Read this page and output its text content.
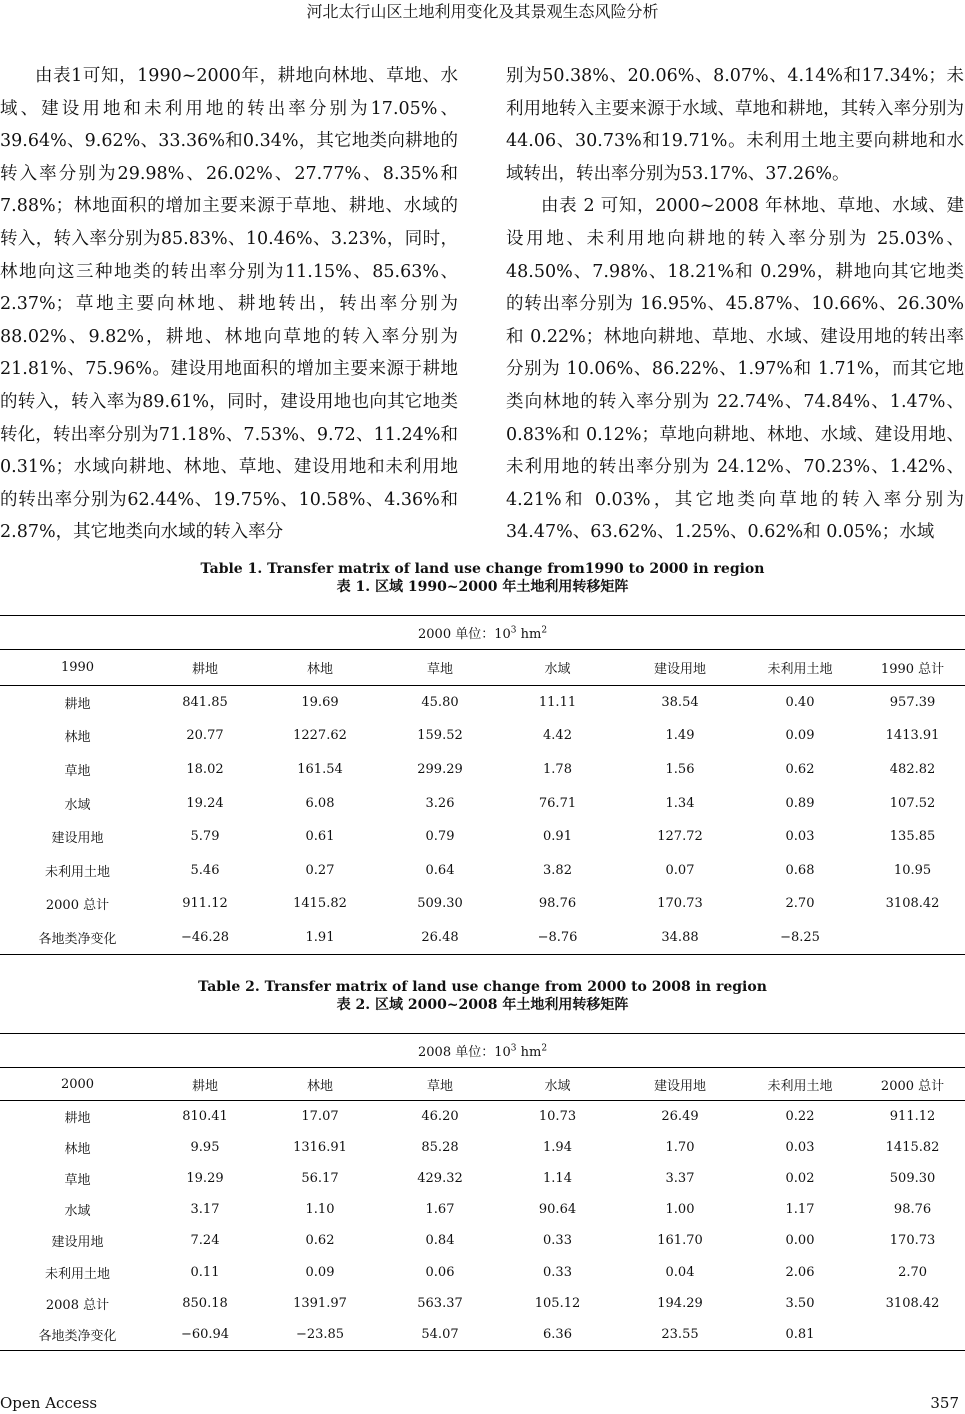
河北太行山区土地利用变化及其景观生态风险分析

由表1可知，1990~2000年，耕地向林地、草地、水域、建设用地和未利用地的转出率分别为17.05%、39.64%、9.62%、33.36%和0.34%，其它地类向耕地的转入率分别为29.98%、26.02%、27.77%、8.35%和7.88%；林地面积的增加主要来源于草地、耕地、水域的转入，转入率分别为85.83%、10.46%、3.23%，同时，林地向这三种地类的转出率分别为11.15%、85.63%、2.37%；草地主要向林地、耕地转出，转出率分别为88.02%、9.82%，耕地、林地向草地的转入率分别为21.81%、75.96%。建设用地面积的增加主要来源于耕地的转入，转入率为89.61%，同时，建设用地也向其它地类转化，转出率分别为71.18%、7.53%、9.72、11.24%和0.31%；水域向耕地、林地、草地、建设用地和未利用地的转出率分别为62.44%、19.75%、10.58%、4.36%和2.87%，其它地类向水域的转入率分

别为50.38%、20.06%、8.07%、4.14%和17.34%；未利用地转入主要来源于水域、草地和耕地，其转入率分别为44.06、30.73%和19.71%。未利用土地主要向耕地和水域转出，转出率分别为53.17%、37.26%。

由表 2 可知，2000~2008 年林地、草地、水域、建设用地、未利用地向耕地的转入率分别为 25.03%、48.50%、7.98%、18.21%和 0.29%，耕地向其它地类的转出率分别为 16.95%、45.87%、10.66%、26.30% 和 0.22%；林地向耕地、草地、水域、建设用地的转出率分别为 10.06%、86.22%、1.97%和 1.71%，而其它地类向林地的转入率分别为 22.74%、74.84%、1.47%、0.83%和 0.12%；草地向耕地、林地、水域、建设用地、未利用地的转出率分别为 24.12%、70.23%、1.42%、4.21%和 0.03%，其它地类向草地的转入率分别为 34.47%、63.62%、1.25%、0.62%和 0.05%；水域

Table 1. Transfer matrix of land use change from1990 to 2000 in region
表 1. 区域 1990~2000 年土地利用转移矩阵
2000 单位：$10^3$ $hm^2$
1990	耕地	林地	草地	水域	建设用地	未利用土地	1990 总计
耕地	841.85	19.69	45.80	11.11	38.54	0.40	957.39
林地	20.77	1227.62	159.52	4.42	1.49	0.09	1413.91
草地	18.02	161.54	299.29	1.78	1.56	0.62	482.82
水域	19.24	6.08	3.26	76.71	1.34	0.89	107.52
建设用地	5.79	0.61	0.79	0.91	127.72	0.03	135.85
未利用土地	5.46	0.27	0.64	3.82	0.07	0.68	10.95
2000 总计	911.12	1415.82	509.30	98.76	170.73	2.70	3108.42
各地类净变化	−46.28	1.91	26.48	−8.76	34.88	−8.25	
Table 2. Transfer matrix of land use change from 2000 to 2008 in region
表 2. 区域 2000~2008 年土地利用转移矩阵
2008 单位：$10^3$ $hm^2$
2000	耕地	林地	草地	水域	建设用地	未利用土地	2000 总计
耕地	810.41	17.07	46.20	10.73	26.49	0.22	911.12
林地	9.95	1316.91	85.28	1.94	1.70	0.03	1415.82
草地	19.29	56.17	429.32	1.14	3.37	0.02	509.30
水域	3.17	1.10	1.67	90.64	1.00	1.17	98.76
建设用地	7.24	0.62	0.84	0.33	161.70	0.00	170.73
未利用土地	0.11	0.09	0.06	0.33	0.04	2.06	2.70
2008 总计	850.18	1391.97	563.37	105.12	194.29	3.50	3108.42
各地类净变化	−60.94	−23.85	54.07	6.36	23.55	0.81	
Open Access	357
